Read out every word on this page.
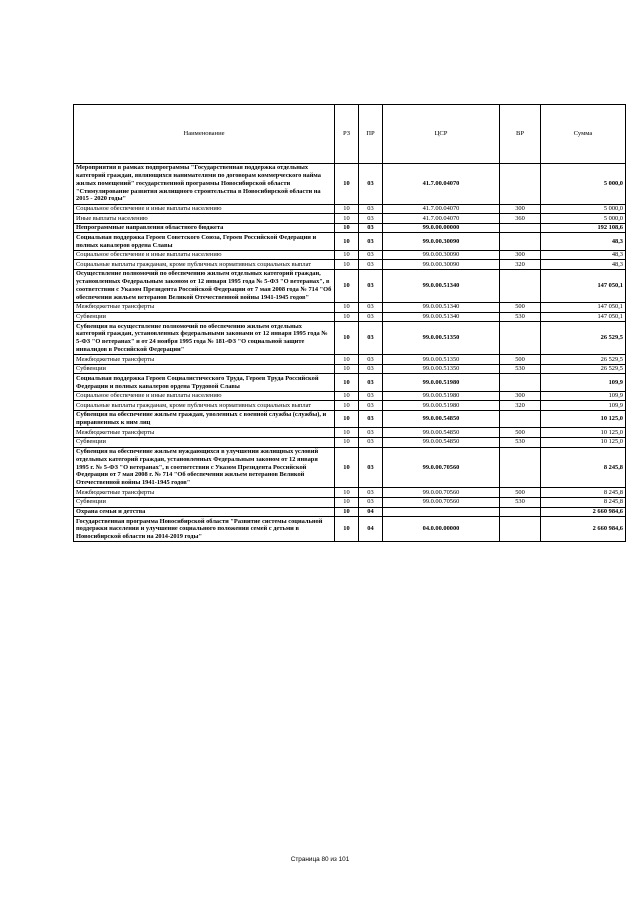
Наименование	РЗ	ПР	ЦСР	ВР	Сумма
Мероприятия в рамках подпрограммы "Государственная поддержка отдельных категорий граждан, являющихся нанимателями по договорам коммерческого найма жилых помещений" государственной программы Новосибирской области "Стимулирование развития жилищного строительства в Новосибирской области на 2015 - 2020 годы"	10	03	41.7.00.04070		5 000,0
Социальное обеспечение и иные выплаты населению	10	03	41.7.00.04070	300	5 000,0
Иные выплаты населению	10	03	41.7.00.04070	360	5 000,0
Непрограммные направления областного бюджета	10	03	99.0.00.00000		192 108,6
Социальная поддержка Героев Советского Союза, Героев Российской Федерации и полных кавалеров ордена Славы	10	03	99.0.00.30090		48,3
Социальное обеспечение и иные выплаты населению	10	03	99.0.00.30090	300	48,3
Социальные выплаты гражданам, кроме публичных нормативных социальных выплат	10	03	99.0.00.30090	320	48,3
Осуществление полномочий по обеспечению жильем отдельных категорий граждан, установленных Федеральным законом от 12 января 1995 года № 5-ФЗ "О ветеранах", в соответствии с Указом Президента Российской Федерации от 7 мая 2008 года № 714 "Об обеспечении жильем ветеранов Великой Отечественной войны 1941-1945 годов"	10	03	99.0.00.51340		147 050,1
Межбюджетные трансферты	10	03	99.0.00.51340	500	147 050,1
Субвенции	10	03	99.0.00.51340	530	147 050,1
Субвенция на осуществление полномочий по обеспечению жильем отдельных категорий граждан, установленных федеральными законами от 12 января 1995 года № 5-ФЗ "О ветеранах" и от 24 ноября 1995 года № 181-ФЗ "О социальной защите инвалидов в Российской Федерации"	10	03	99.0.00.51350		26 529,5
Межбюджетные трансферты	10	03	99.0.00.51350	500	26 529,5
Субвенции	10	03	99.0.00.51350	530	26 529,5
Социальная поддержка Героев Социалистического Труда, Героев Труда Российской Федерации и полных кавалеров ордена Трудовой Славы	10	03	99.0.00.51980		109,9
Социальное обеспечение и иные выплаты населению	10	03	99.0.00.51980	300	109,9
Социальные выплаты гражданам, кроме публичных нормативных социальных выплат	10	03	99.0.00.51980	320	109,9
Субвенция на обеспечение жильем граждан, уволенных с военной службы (службы), и приравненных к ним лиц	10	03	99.0.00.54850		10 125,0
Межбюджетные трансферты	10	03	99.0.00.54850	500	10 125,0
Субвенции	10	03	99.0.00.54850	530	10 125,0
Субвенция на обеспечение жильем нуждающихся в улучшении жилищных условий отдельных категорий граждан, установленных Федеральным законом от 12 января 1995 г. № 5-ФЗ "О ветеранах", в соответствии с Указом Президента Российской Федерации от 7 мая 2008 г. № 714 "Об обеспечении жильем ветеранов Великой Отечественной войны 1941-1945 годов"	10	03	99.0.00.70560		8 245,8
Межбюджетные трансферты	10	03	99.0.00.70560	500	8 245,8
Субвенции	10	03	99.0.00.70560	530	8 245,8
Охрана семьи и детства	10	04			2 660 984,6
Государственная программа Новосибирской области "Развитие системы социальной поддержки населения и улучшение социального положения семей с детьми в Новосибирской области на 2014-2019 годы"	10	04	04.0.00.00000		2 660 984,6
Страница 80 из 101
